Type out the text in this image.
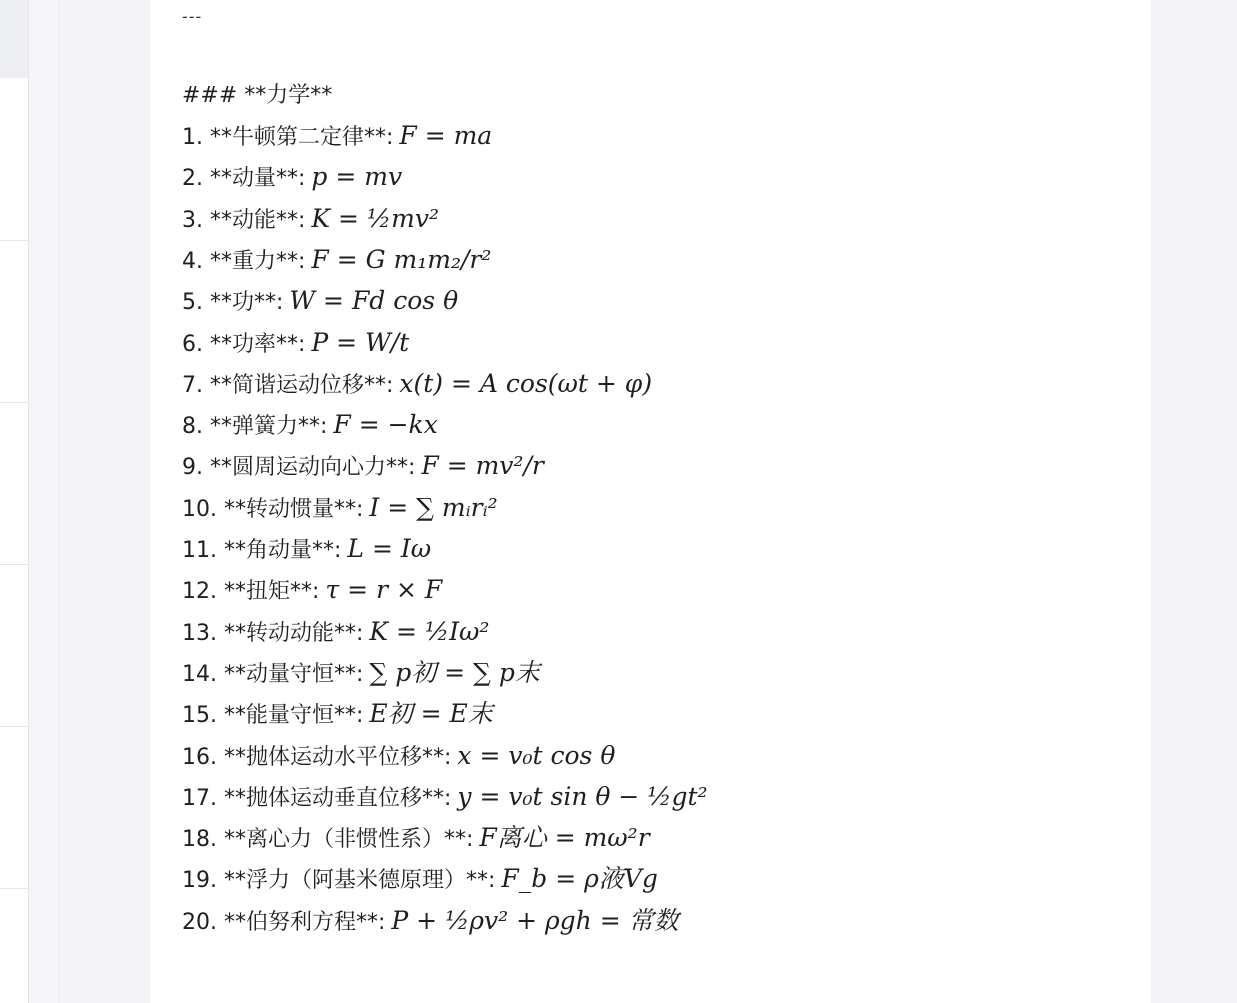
---
### **力学**
1. **牛顿第二定律**: F = ma
2. **动量**: p = mv
3. **动能**: K = ½mv²
4. **重力**: F = G m₁m₂/r²
5. **功**: W = Fd cos θ
6. **功率**: P = W/t
7. **简谐运动位移**: x(t) = A cos(ωt + φ)
8. **弹簧力**: F = −kx
9. **圆周运动向心力**: F = mv²/r
10. **转动惯量**: I = ∑ mᵢrᵢ²
11. **角动量**: L = Iω
12. **扭矩**: τ = r × F
13. **转动动能**: K = ½Iω²
14. **动量守恒**: ∑ p初 = ∑ p末
15. **能量守恒**: E初 = E末
16. **抛体运动水平位移**: x = v₀t cos θ
17. **抛体运动垂直位移**: y = v₀t sin θ − ½gt²
18. **离心力（非惯性系）**: F离心 = mω²r
19. **浮力（阿基米德原理）**: F_b = ρ液Vg
20. **伯努利方程**: P + ½ρv² + ρgh = 常数
